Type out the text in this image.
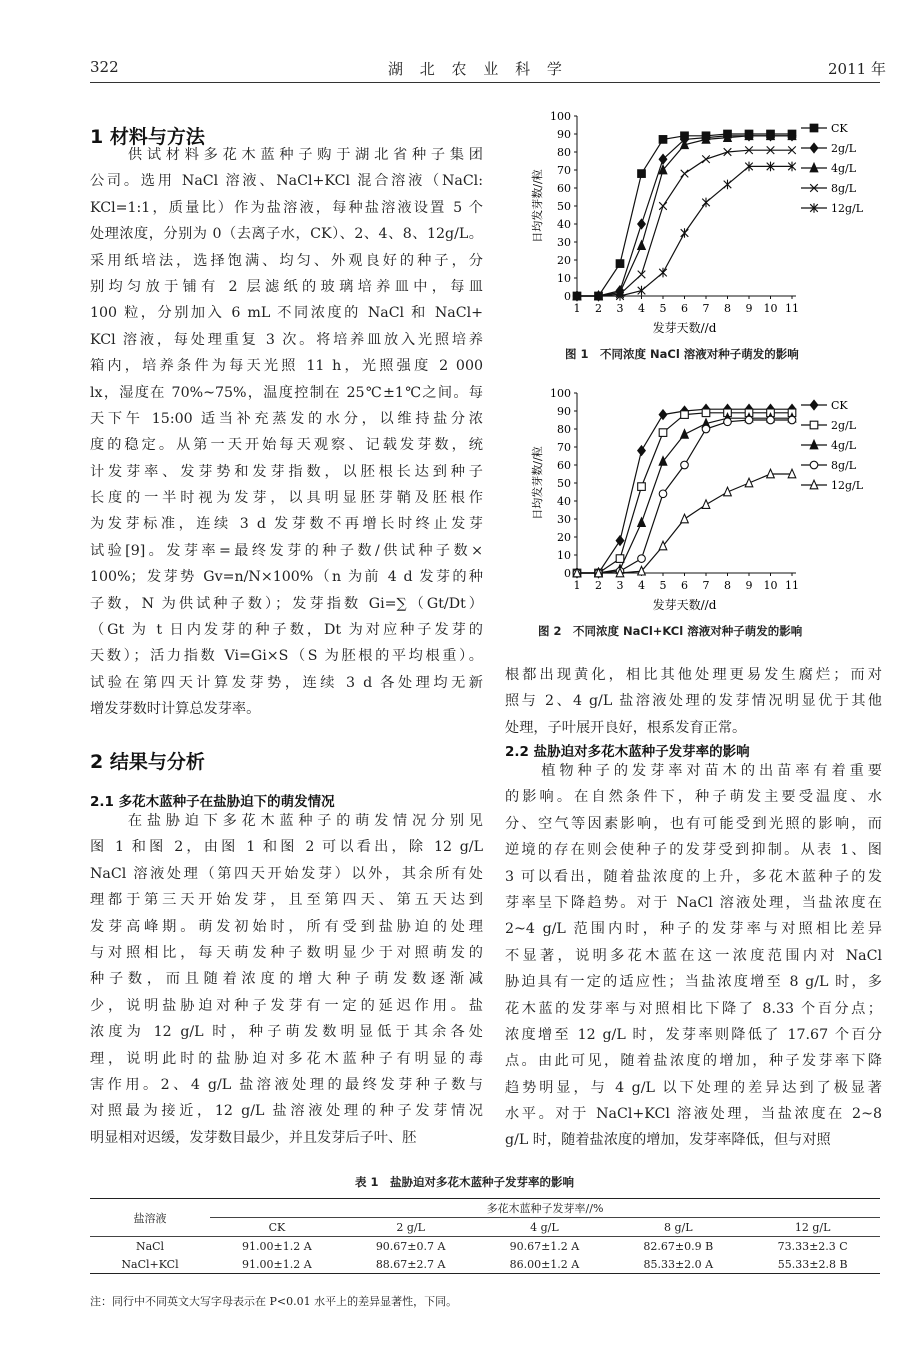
322	湖 北 农 业 科 学	2011 年
1 材料与方法
　　供试材料多花木蓝种子购于湖北省种子集团
公司。选用 NaCl 溶液、NaCl+KCl 混合溶液（NaCl:
KCl=1:1，质量比）作为盐溶液，每种盐溶液设置 5 个
处理浓度，分别为 0（去离子水，CK）、2、4、8、12g/L。
采用纸培法，选择饱满、均匀、外观良好的种子，分
别均匀放于铺有 2 层滤纸的玻璃培养皿中，每皿
100 粒，分别加入 6 mL 不同浓度的 NaCl 和 NaCl+
KCl 溶液，每处理重复 3 次。将培养皿放入光照培养
箱内，培养条件为每天光照 11 h，光照强度 2 000
lx，湿度在 70%~75%，温度控制在 25℃±1℃之间。每
天下午 15:00 适当补充蒸发的水分，以维持盐分浓
度的稳定。从第一天开始每天观察、记载发芽数，统
计发芽率、发芽势和发芽指数，以胚根长达到种子
长度的一半时视为发芽，以具明显胚芽鞘及胚根作
为发芽标准，连续 3 d 发芽数不再增长时终止发芽
试验[9]。发芽率=最终发芽的种子数/供试种子数×
100%；发芽势 Gv=n/N×100%（n 为前 4 d 发芽的种
子数，N 为供试种子数）；发芽指数 Gi=∑（Gt/Dt）
（Gt 为 t 日内发芽的种子数，Dt 为对应种子发芽的
天数）；活力指数 Vi=Gi×S（S 为胚根的平均根重）。
试验在第四天计算发芽势，连续 3 d 各处理均无新
增发芽数时计算总发芽率。
2 结果与分析
2.1 多花木蓝种子在盐胁迫下的萌发情况
　　在盐胁迫下多花木蓝种子的萌发情况分别见
图 1 和图 2，由图 1 和图 2 可以看出，除 12 g/L
NaCl 溶液处理（第四天开始发芽）以外，其余所有处
理都于第三天开始发芽，且至第四天、第五天达到
发芽高峰期。萌发初始时，所有受到盐胁迫的处理
与对照相比，每天萌发种子数明显少于对照萌发的
种子数，而且随着浓度的增大种子萌发数逐渐减
少，说明盐胁迫对种子发芽有一定的延迟作用。盐
浓度为 12 g/L 时，种子萌发数明显低于其余各处
理，说明此时的盐胁迫对多花木蓝种子有明显的毒
害作用。2、4 g/L 盐溶液处理的最终发芽种子数与
对照最为接近，12 g/L 盐溶液处理的种子发芽情况
明显相对迟缓，发芽数目最少，并且发芽后子叶、胚
0
10
20
30
40
50
60
70
80
90
100
1 2 3 4 5 6 7 8 9 10 11
发芽天数//d
日均发芽数//粒
CK
2g/L
4g/L
8g/L
12g/L
图 1　不同浓度 NaCl 溶液对种子萌发的影响
0
10
20
30
40
50
60
70
80
90
100
1 2 3 4 5 6 7 8 9 10 11
发芽天数//d
日均发芽数//粒
CK
2g/L
4g/L
8g/L
12g/L
图 2　不同浓度 NaCl+KCl 溶液对种子萌发的影响
根都出现黄化，相比其他处理更易发生腐烂；而对
照与 2、4 g/L 盐溶液处理的发芽情况明显优于其他
处理，子叶展开良好，根系发育正常。
2.2 盐胁迫对多花木蓝种子发芽率的影响
　　植物种子的发芽率对苗木的出苗率有着重要
的影响。在自然条件下，种子萌发主要受温度、水
分、空气等因素影响，也有可能受到光照的影响，而
逆境的存在则会使种子的发芽受到抑制。从表 1、图
3 可以看出，随着盐浓度的上升，多花木蓝种子的发
芽率呈下降趋势。对于 NaCl 溶液处理，当盐浓度在
2~4 g/L 范围内时，种子的发芽率与对照相比差异
不显著，说明多花木蓝在这一浓度范围内对 NaCl
胁迫具有一定的适应性；当盐浓度增至 8 g/L 时，多
花木蓝的发芽率与对照相比下降了 8.33 个百分点；
浓度增至 12 g/L 时，发芽率则降低了 17.67 个百分
点。由此可见，随着盐浓度的增加，种子发芽率下降
趋势明显，与 4 g/L 以下处理的差异达到了极显著
水平。对于 NaCl+KCl 溶液处理，当盐浓度在 2~8
g/L 时，随着盐浓度的增加，发芽率降低，但与对照
表 1　盐胁迫对多花木蓝种子发芽率的影响
盐溶液	多花木蓝种子发芽率//%				
	CK	2 g/L	4 g/L	8 g/L	12 g/L
NaCl	91.00±1.2 A	90.67±0.7 A	90.67±1.2 A	82.67±0.9 B	73.33±2.3 C
NaCl+KCl	91.00±1.2 A	88.67±2.7 A	86.00±1.2 A	85.33±2.0 A	55.33±2.8 B
注：同行中不同英文大写字母表示在 P<0.01 水平上的差异显著性，下同。
